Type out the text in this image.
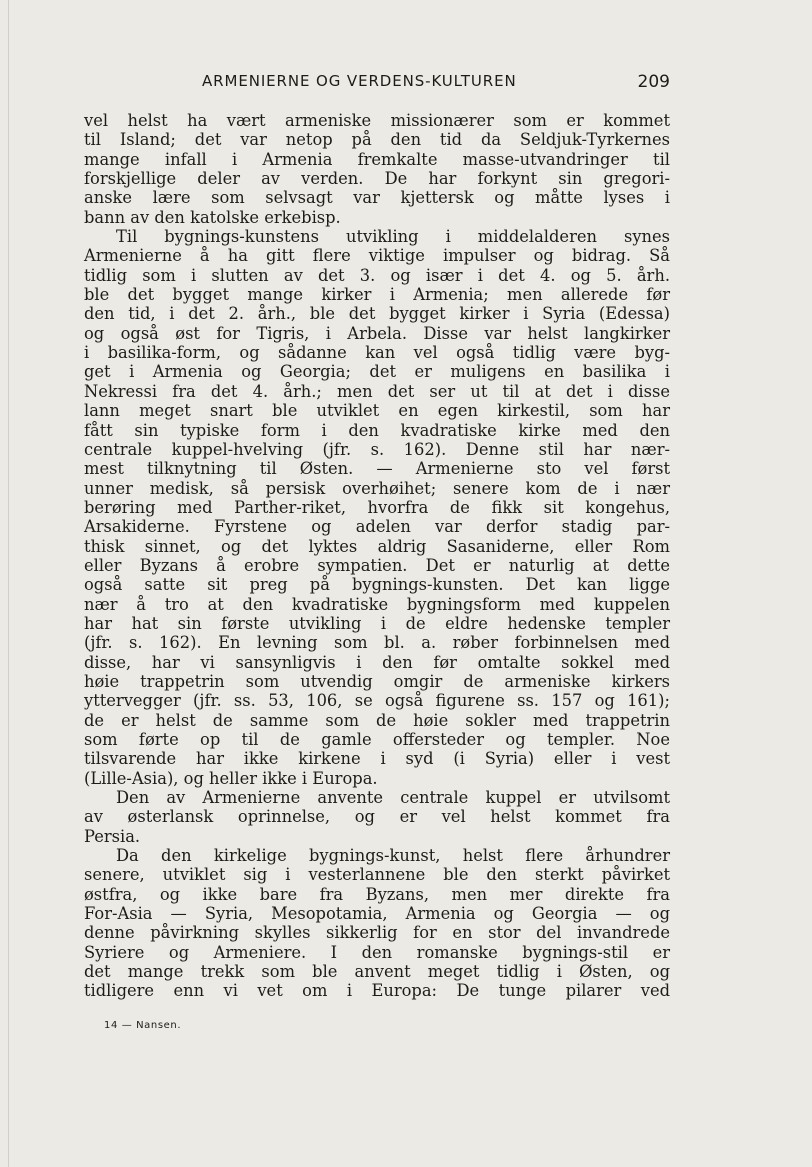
ARMENIERNE OG VERDENS-KULTUREN	209
vel helst ha vært armeniske missionærer som er kommet
til Island; det var netop på den tid da Seldjuk-Tyrkernes
mange infall i Armenia fremkalte masse-utvandringer til
forskjellige deler av verden. De har forkynt sin gregori-
anske lære som selvsagt var kjettersk og måtte lyses i
bann av den katolske erkebisp.
Til bygnings-kunstens utvikling i middelalderen synes
Armenierne å ha gitt flere viktige impulser og bidrag. Så
tidlig som i slutten av det 3. og især i det 4. og 5. årh.
ble det bygget mange kirker i Armenia; men allerede før
den tid, i det 2. årh., ble det bygget kirker i Syria (Edessa)
og også øst for Tigris, i Arbela. Disse var helst langkirker
i basilika-form, og sådanne kan vel også tidlig være byg-
get i Armenia og Georgia; det er muligens en basilika i
Nekressi fra det 4. årh.; men det ser ut til at det i disse
lann meget snart ble utviklet en egen kirkestil, som har
fått sin typiske form i den kvadratiske kirke med den
centrale kuppel-hvelving (jfr. s. 162). Denne stil har nær-
mest tilknytning til Østen. — Armenierne sto vel først
unner medisk, så persisk overhøihet; senere kom de i nær
berøring med Parther-riket, hvorfra de fikk sit kongehus,
Arsakiderne. Fyrstene og adelen var derfor stadig par-
thisk sinnet, og det lyktes aldrig Sasaniderne, eller Rom
eller Byzans å erobre sympatien. Det er naturlig at dette
også satte sit preg på bygnings-kunsten. Det kan ligge
nær å tro at den kvadratiske bygningsform med kuppelen
har hat sin første utvikling i de eldre hedenske templer
(jfr. s. 162). En levning som bl. a. røber forbinnelsen med
disse, har vi sansynligvis i den før omtalte sokkel med
høie trappetrin som utvendig omgir de armeniske kirkers
yttervegger (jfr. ss. 53, 106, se også figurene ss. 157 og 161);
de er helst de samme som de høie sokler med trappetrin
som førte op til de gamle offersteder og templer. Noe
tilsvarende har ikke kirkene i syd (i Syria) eller i vest
(Lille-Asia), og heller ikke i Europa.
Den av Armenierne anvente centrale kuppel er utvilsomt
av østerlansk oprinnelse, og er vel helst kommet fra
Persia.
Da den kirkelige bygnings-kunst, helst flere århundrer
senere, utviklet sig i vesterlannene ble den sterkt påvirket
østfra, og ikke bare fra Byzans, men mer direkte fra
For-Asia — Syria, Mesopotamia, Armenia og Georgia — og
denne påvirkning skylles sikkerlig for en stor del invandrede
Syriere og Armeniere. I den romanske bygnings-stil er
det mange trekk som ble anvent meget tidlig i Østen, og
tidligere enn vi vet om i Europa: De tunge pilarer ved
14 — Nansen.
